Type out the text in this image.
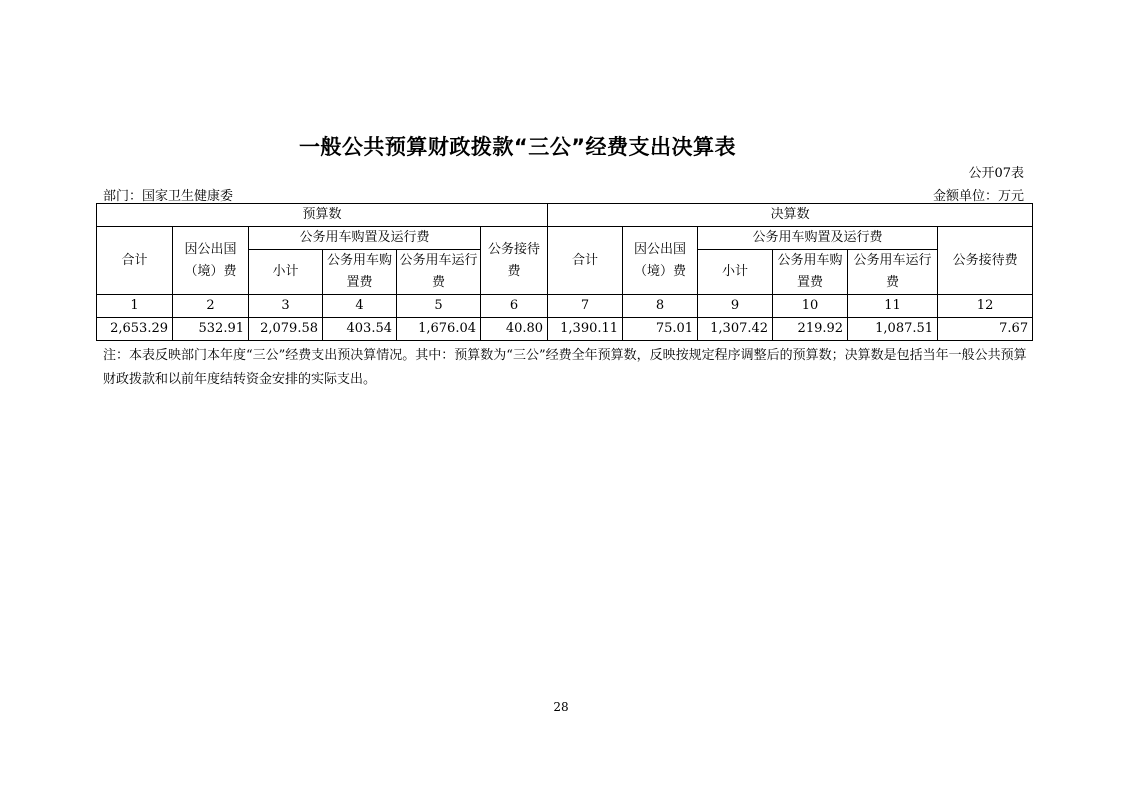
一般公共预算财政拨款“三公”经费支出决算表
公开07表
部门：国家卫生健康委	金额单位：万元
预算数						决算数					
合计	因公出国（境）费	公务用车购置及运行费			公务接待费	合计	因公出国（境）费	公务用车购置及运行费			公务接待费
		小计	公务用车购置费	公务用车运行费				小计	公务用车购置费	公务用车运行费	
1	2	3	4	5	6	7	8	9	10	11	12
2,653.29	532.91	2,079.58	403.54	1,676.04	40.80	1,390.11	75.01	1,307.42	219.92	1,087.51	7.67
注：本表反映部门本年度“三公”经费支出预决算情况。其中：预算数为“三公”经费全年预算数，反映按规定程序调整后的预算数；决算数是包括当年一般公共预算财政拨款和以前年度结转资金安排的实际支出。
28
